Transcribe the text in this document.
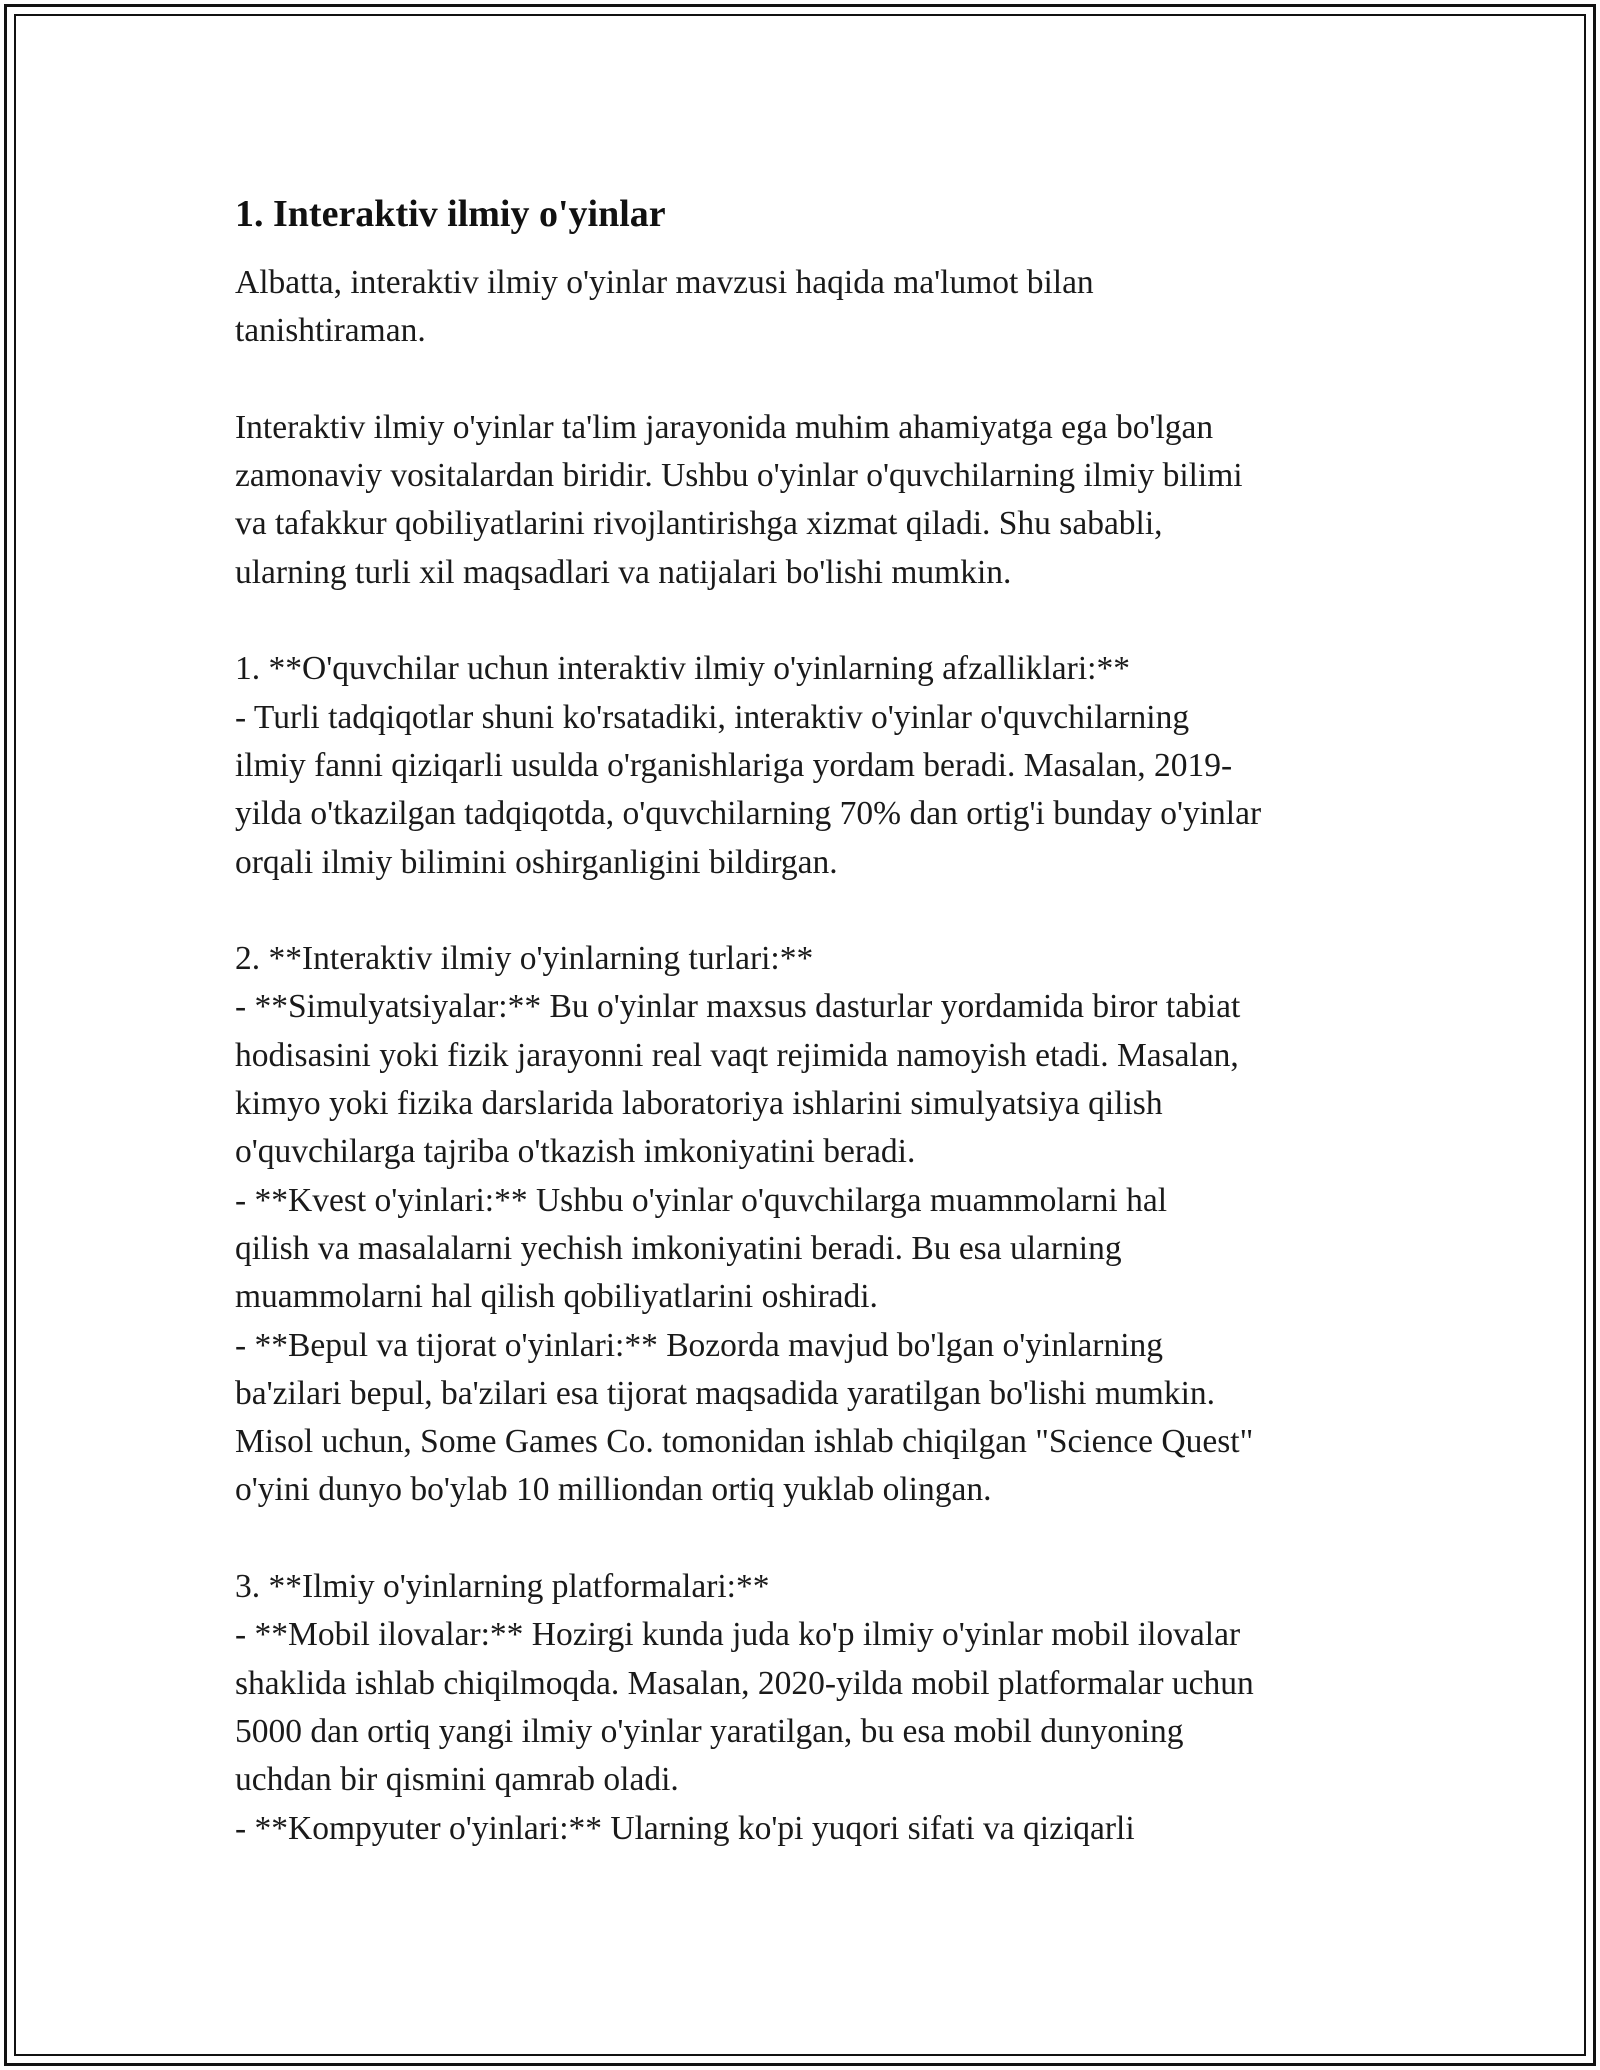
1. Interaktiv ilmiy o'yinlar

Albatta, interaktiv ilmiy o'yinlar mavzusi haqida ma'lumot bilan
tanishtiraman.

Interaktiv ilmiy o'yinlar ta'lim jarayonida muhim ahamiyatga ega bo'lgan
zamonaviy vositalardan biridir. Ushbu o'yinlar o'quvchilarning ilmiy bilimi
va tafakkur qobiliyatlarini rivojlantirishga xizmat qiladi. Shu sababli,
ularning turli xil maqsadlari va natijalari bo'lishi mumkin.

1. **O'quvchilar uchun interaktiv ilmiy o'yinlarning afzalliklari:**
- Turli tadqiqotlar shuni ko'rsatadiki, interaktiv o'yinlar o'quvchilarning
ilmiy fanni qiziqarli usulda o'rganishlariga yordam beradi. Masalan, 2019-
yilda o'tkazilgan tadqiqotda, o'quvchilarning 70% dan ortig'i bunday o'yinlar
orqali ilmiy bilimini oshirganligini bildirgan.

2. **Interaktiv ilmiy o'yinlarning turlari:**
- **Simulyatsiyalar:** Bu o'yinlar maxsus dasturlar yordamida biror tabiat
hodisasini yoki fizik jarayonni real vaqt rejimida namoyish etadi. Masalan,
kimyo yoki fizika darslarida laboratoriya ishlarini simulyatsiya qilish
o'quvchilarga tajriba o'tkazish imkoniyatini beradi.
- **Kvest o'yinlari:** Ushbu o'yinlar o'quvchilarga muammolarni hal
qilish va masalalarni yechish imkoniyatini beradi. Bu esa ularning
muammolarni hal qilish qobiliyatlarini oshiradi.
- **Bepul va tijorat o'yinlari:** Bozorda mavjud bo'lgan o'yinlarning
ba'zilari bepul, ba'zilari esa tijorat maqsadida yaratilgan bo'lishi mumkin.
Misol uchun, Some Games Co. tomonidan ishlab chiqilgan "Science Quest"
o'yini dunyo bo'ylab 10 milliondan ortiq yuklab olingan.

3. **Ilmiy o'yinlarning platformalari:**
- **Mobil ilovalar:** Hozirgi kunda juda ko'p ilmiy o'yinlar mobil ilovalar
shaklida ishlab chiqilmoqda. Masalan, 2020-yilda mobil platformalar uchun
5000 dan ortiq yangi ilmiy o'yinlar yaratilgan, bu esa mobil dunyoning
uchdan bir qismini qamrab oladi.
- **Kompyuter o'yinlari:** Ularning ko'pi yuqori sifati va qiziqarli
